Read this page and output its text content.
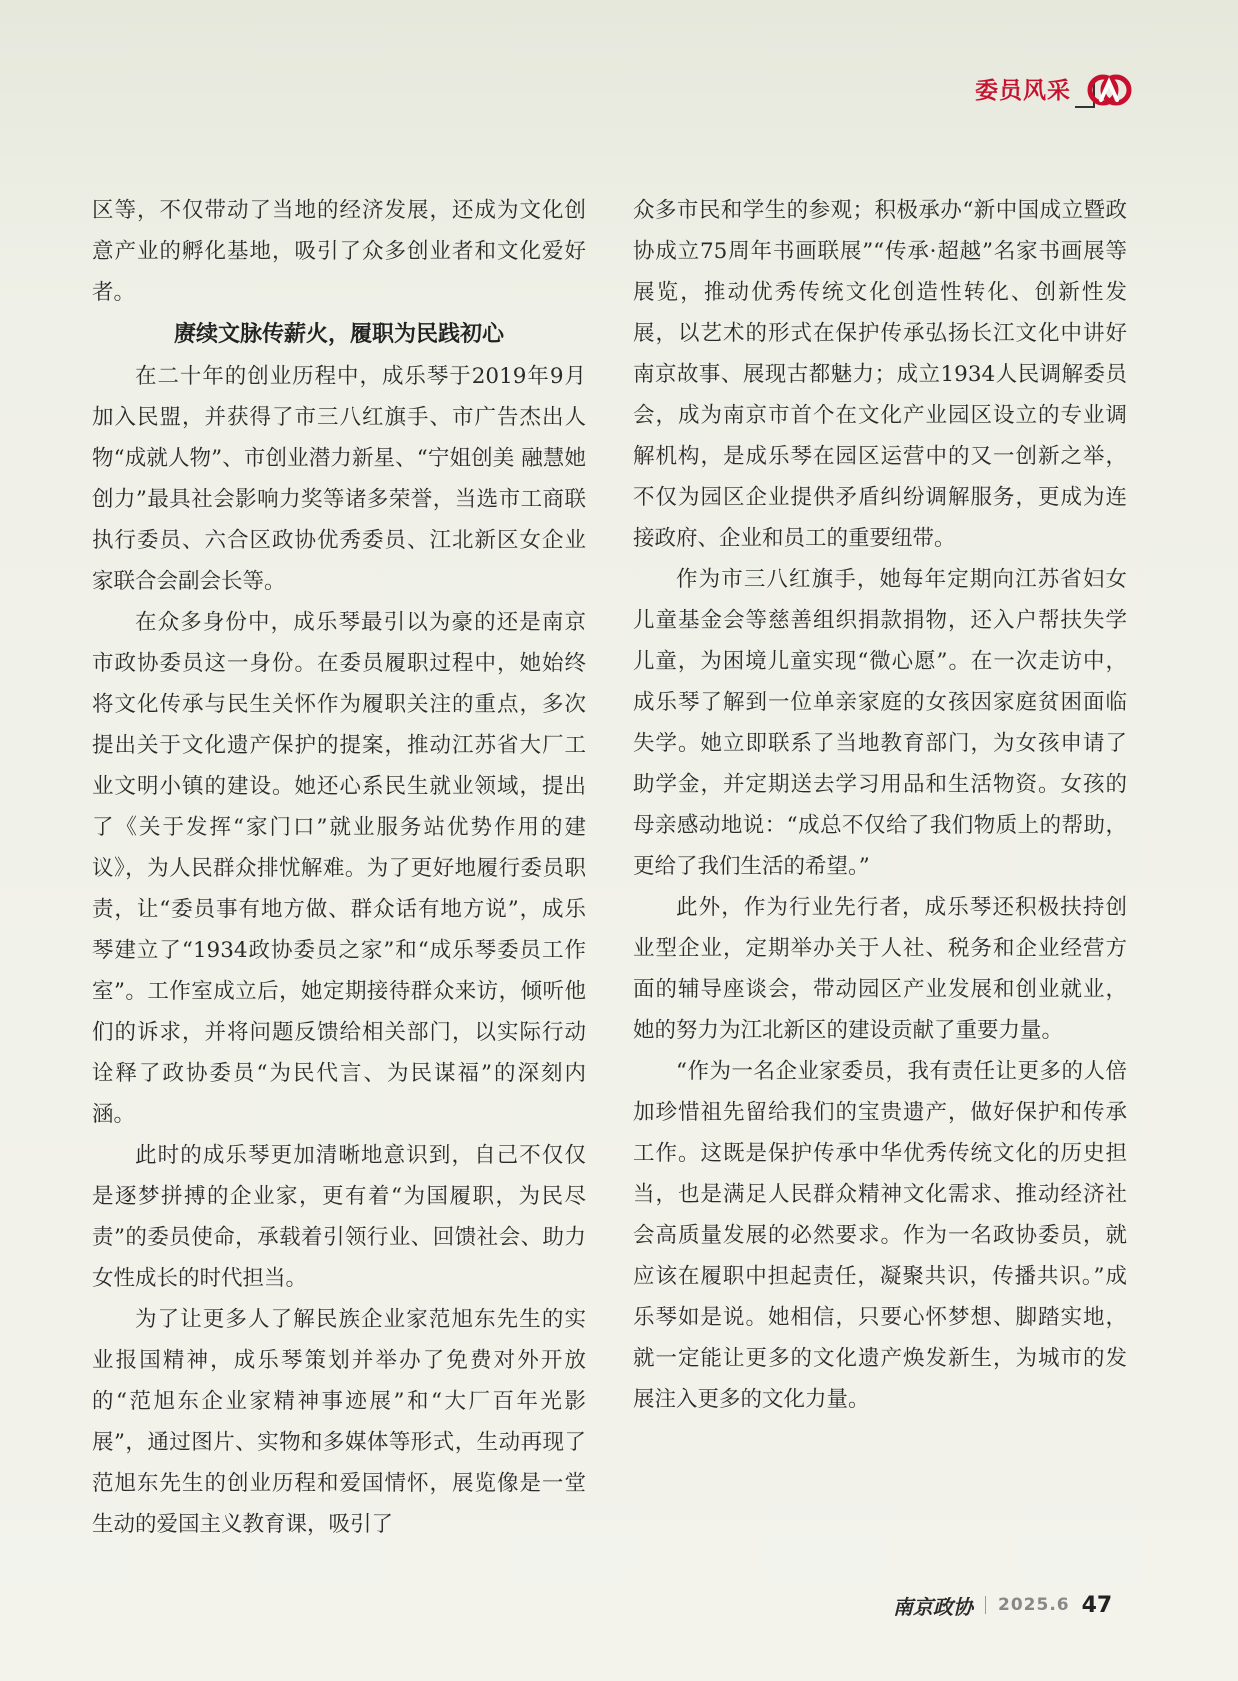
委员风采

区等，不仅带动了当地的经济发展，还成为文化创意产业的孵化基地，吸引了众多创业者和文化爱好者。

赓续文脉传薪火，履职为民践初心

在二十年的创业历程中，成乐琴于2019年9月加入民盟，并获得了市三八红旗手、市广告杰出人物“成就人物”、市创业潜力新星、“宁姐创美 融慧她创力”最具社会影响力奖等诸多荣誉，当选市工商联执行委员、六合区政协优秀委员、江北新区女企业家联合会副会长等。

在众多身份中，成乐琴最引以为豪的还是南京市政协委员这一身份。在委员履职过程中，她始终将文化传承与民生关怀作为履职关注的重点，多次提出关于文化遗产保护的提案，推动江苏省大厂工业文明小镇的建设。她还心系民生就业领域，提出了《关于发挥“家门口”就业服务站优势作用的建议》，为人民群众排忧解难。为了更好地履行委员职责，让“委员事有地方做、群众话有地方说”，成乐琴建立了“1934政协委员之家”和“成乐琴委员工作室”。工作室成立后，她定期接待群众来访，倾听他们的诉求，并将问题反馈给相关部门，以实际行动诠释了政协委员“为民代言、为民谋福”的深刻内涵。

此时的成乐琴更加清晰地意识到，自己不仅仅是逐梦拼搏的企业家，更有着“为国履职，为民尽责”的委员使命，承载着引领行业、回馈社会、助力女性成长的时代担当。

为了让更多人了解民族企业家范旭东先生的实业报国精神，成乐琴策划并举办了免费对外开放的“范旭东企业家精神事迹展”和“大厂百年光影展”，通过图片、实物和多媒体等形式，生动再现了范旭东先生的创业历程和爱国情怀，展览像是一堂生动的爱国主义教育课，吸引了

众多市民和学生的参观；积极承办“新中国成立暨政协成立75周年书画联展”“传承·超越”名家书画展等展览，推动优秀传统文化创造性转化、创新性发展，以艺术的形式在保护传承弘扬长江文化中讲好南京故事、展现古都魅力；成立1934人民调解委员会，成为南京市首个在文化产业园区设立的专业调解机构，是成乐琴在园区运营中的又一创新之举，不仅为园区企业提供矛盾纠纷调解服务，更成为连接政府、企业和员工的重要纽带。

作为市三八红旗手，她每年定期向江苏省妇女儿童基金会等慈善组织捐款捐物，还入户帮扶失学儿童，为困境儿童实现“微心愿”。在一次走访中，成乐琴了解到一位单亲家庭的女孩因家庭贫困面临失学。她立即联系了当地教育部门，为女孩申请了助学金，并定期送去学习用品和生活物资。女孩的母亲感动地说：“成总不仅给了我们物质上的帮助，更给了我们生活的希望。”

此外，作为行业先行者，成乐琴还积极扶持创业型企业，定期举办关于人社、税务和企业经营方面的辅导座谈会，带动园区产业发展和创业就业，她的努力为江北新区的建设贡献了重要力量。

“作为一名企业家委员，我有责任让更多的人倍加珍惜祖先留给我们的宝贵遗产，做好保护和传承工作。这既是保护传承中华优秀传统文化的历史担当，也是满足人民群众精神文化需求、推动经济社会高质量发展的必然要求。作为一名政协委员，就应该在履职中担起责任，凝聚共识，传播共识。”成乐琴如是说。她相信，只要心怀梦想、脚踏实地，就一定能让更多的文化遗产焕发新生，为城市的发展注入更多的文化力量。

南京政协 2025.6 47
